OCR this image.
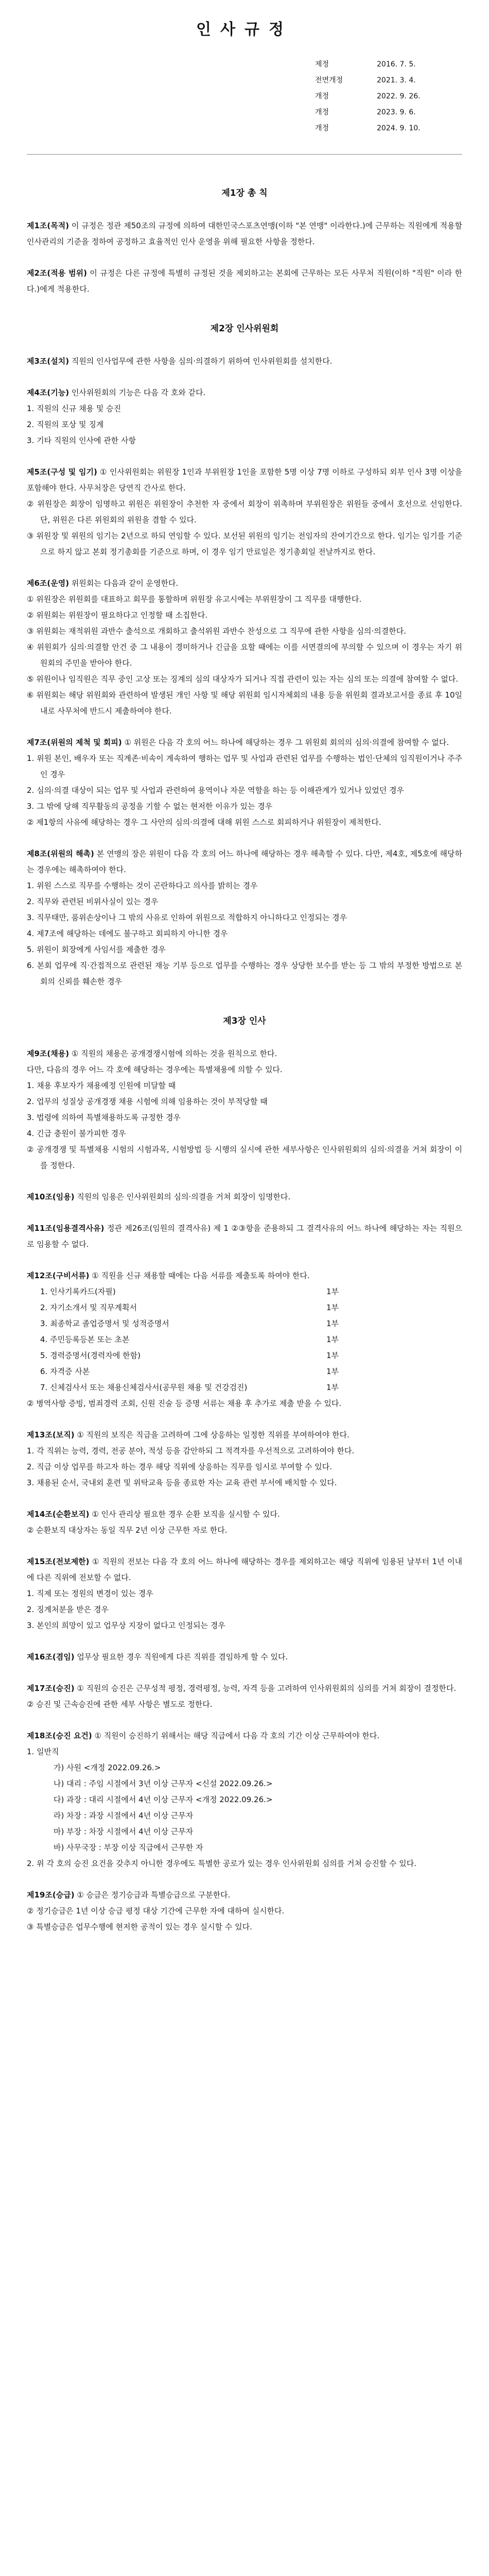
인사규정
제정	2016. 7. 5.
전면개정	2021. 3. 4.
개정	2022. 9. 26.
개정	2023. 9. 6.
개정	2024. 9. 10.
제1장 총 칙
제1조(목적) 이 규정은 정관 제50조의 규정에 의하여 대한민국스포츠연맹(이하 "본 연맹" 이라한다.)에 근무하는 직원에게 적용할 인사관리의 기준을 정하여 공정하고 효율적인 인사 운영을 위해 필요한 사항을 정한다.
제2조(적용 범위) 이 규정은 다른 규정에 특별히 규정된 것을 제외하고는 본회에 근무하는 모든 사무처 직원(이하 "직원" 이라 한다.)에게 적용한다.
제2장 인사위원회
제3조(설치) 직원의 인사업무에 관한 사항을 심의·의결하기 위하여 인사위원회를 설치한다.
제4조(기능) 인사위원회의 기능은 다음 각 호와 같다.
1. 직원의 신규 채용 및 승진
2. 직원의 포상 및 징계
3. 기타 직원의 인사에 관한 사항
제5조(구성 및 임기) ① 인사위원회는 위원장 1인과 부위원장 1인을 포함한 5명 이상 7명 이하로 구성하되 외부 인사 3명 이상을 포함해야 한다. 사무처장은 당연직 간사로 한다.
② 위원장은 회장이 임명하고 위원은 위원장이 추천한 자 중에서 회장이 위촉하며 부위원장은 위원들 중에서 호선으로 선임한다. 단, 위원은 다른 위원회의 위원을 겸할 수 있다.
③ 위원장 및 위원의 임기는 2년으로 하되 연임할 수 있다. 보선된 위원의 임기는 전임자의 잔여기간으로 한다. 임기는 임기를 기준으로 하지 않고 본회 정기총회를 기준으로 하며, 이 경우 임기 만료일은 정기총회일 전날까지로 한다.
제6조(운영) 위원회는 다음과 같이 운영한다.
① 위원장은 위원회를 대표하고 회무를 통할하며 위원장 유고시에는 부위원장이 그 직무를 대행한다.
② 위원회는 위원장이 필요하다고 인정할 때 소집한다.
③ 위원회는 재적위원 과반수 출석으로 개회하고 출석위원 과반수 찬성으로 그 직무에 관한 사항을 심의·의결한다.
④ 위원회가 심의·의결할 안건 중 그 내용이 경미하거나 긴급을 요할 때에는 이를 서면결의에 부의할 수 있으며 이 경우는 자기 위원회의 주민을 받아야 한다.
⑤ 위원이나 임직원은 직무 중인 고상 또는 징계의 심의 대상자가 되거나 직접 관련이 있는 자는 심의 또는 의결에 참여할 수 없다.
⑥ 위원회는 해당 위원회와 관련하여 발생된 개인 사항 및 해당 위원회 임시자체회의 내용 등을 위원회 결과보고서를 종료 후 10일 내로 사무처에 반드시 제출하여야 한다.
제7조(위원의 제척 및 회피) ① 위원은 다음 각 호의 어느 하나에 해당하는 경우 그 위원회 회의의 심의·의결에 참여할 수 없다.
1. 위원 본인, 배우자 또는 직계존·비속이 계속하여 행하는 업무 및 사업과 관련된 업무를 수행하는 법인·단체의 임직원이거나 주주인 경우
2. 심의·의결 대상이 되는 업무 및 사업과 관련하여 용역이나 자문 역할을 하는 등 이해관계가 있거나 있었던 경우
3. 그 밖에 당해 직무활동의 공정을 기할 수 없는 현저한 이유가 있는 경우
② 제1항의 사유에 해당하는 경우 그 사안의 심의·의결에 대해 위원 스스로 회피하거나 위원장이 제척한다.
제8조(위원의 해촉) 본 연맹의 장은 위원이 다음 각 호의 어느 하나에 해당하는 경우 해촉할 수 있다. 다만, 제4호, 제5호에 해당하는 경우에는 해촉하여야 한다.
1. 위원 스스로 직무를 수행하는 것이 곤란하다고 의사를 밝히는 경우
2. 직무와 관련된 비위사실이 있는 경우
3. 직무태만, 품위손상이나 그 밖의 사유로 인하여 위원으로 적합하지 아니하다고 인정되는 경우
4. 제7조에 해당하는 데에도 불구하고 회피하지 아니한 경우
5. 위원이 회장에게 사임서를 제출한 경우
6. 본회 업무에 직·간접적으로 관련된 재능 기부 등으로 업무를 수행하는 경우 상당한 보수를 받는 등 그 밖의 부정한 방법으로 본회의 신뢰를 훼손한 경우
제3장 인사
제9조(채용) ① 직원의 채용은 공개경쟁시험에 의하는 것을 원칙으로 한다.
다만, 다음의 경우 어느 각 호에 해당하는 경우에는 특별채용에 의할 수 있다.
1. 채용 후보자가 채용예정 인원에 미달할 때
2. 업무의 성질상 공개경쟁 채용 시험에 의해 임용하는 것이 부적당할 때
3. 법령에 의하여 특별채용하도록 규정한 경우
4. 긴급 충원이 불가피한 경우
② 공개경쟁 및 특별채용 시험의 시험과목, 시험방법 등 시행의 실시에 관한 세부사항은 인사위원회의 심의·의결을 거쳐 회장이 이를 정한다.
제10조(임용) 직원의 임용은 인사위원회의 심의·의결을 거쳐 회장이 임명한다.
제11조(임용결격사유) 정관 제26조(임원의 결격사유) 제 1 ②③항을 준용하되 그 결격사유의 어느 하나에 해당하는 자는 직원으로 임용할 수 없다.
제12조(구비서류) ① 직원을 신규 채용할 때에는 다음 서류를 제출토록 하여야 한다.
1. 인사기록카드(자필)	1부
2. 자기소개서 및 직무계획서	1부
3. 최종학교 졸업증명서 및 성적증명서	1부
4. 주민등록등본 또는 초본	1부
5. 경력증명서(경력자에 한함)	1부
6. 자격증 사본	1부
7. 신체검사서 또는 채용신체검사서(공무원 채용 및 건강검진)	1부
② 병역사항 증빙, 범죄경력 조회, 신원 진술 등 증명 서류는 채용 후 추가로 제출 받을 수 있다.
제13조(보직) ① 직원의 보직은 직급을 고려하여 그에 상응하는 일정한 직위를 부여하여야 한다.
1. 각 직위는 능력, 경력, 전공 분야, 적성 등을 감안하되 그 적격자를 우선적으로 고려하여야 한다.
2. 직급 이상 업무를 하고자 하는 경우 해당 직위에 상응하는 직무를 임시로 부여할 수 있다.
3. 채용된 순서, 국내외 훈련 및 위탁교육 등을 종료한 자는 교육 관련 부서에 배치할 수 있다.
제14조(순환보직) ① 인사 관리상 필요한 경우 순환 보직을 실시할 수 있다.
② 순환보직 대상자는 동일 직무 2년 이상 근무한 자로 한다.
제15조(전보제한) ① 직원의 전보는 다음 각 호의 어느 하나에 해당하는 경우를 제외하고는 해당 직위에 임용된 날부터 1년 이내에 다른 직위에 전보할 수 없다.
1. 직제 또는 정원의 변경이 있는 경우
2. 징계처분을 받은 경우
3. 본인의 희망이 있고 업무상 지장이 없다고 인정되는 경우
제16조(겸임) 업무상 필요한 경우 직원에게 다른 직위를 겸임하게 할 수 있다.
제17조(승진) ① 직원의 승진은 근무성적 평정, 경력평정, 능력, 자격 등을 고려하여 인사위원회의 심의를 거쳐 회장이 결정한다.
② 승진 및 근속승진에 관한 세부 사항은 별도로 정한다.
제18조(승진 요건) ① 직원이 승진하기 위해서는 해당 직급에서 다음 각 호의 기간 이상 근무하여야 한다.
1. 일반직
가) 사원 <개정 2022.09.26.>
나) 대리 : 주임 시절에서 3년 이상 근무자 <신설 2022.09.26.>
다) 과장 : 대리 시절에서 4년 이상 근무자 <개정 2022.09.26.>
라) 차장 : 과장 시절에서 4년 이상 근무자
마) 부장 : 차장 시절에서 4년 이상 근무자
바) 사무국장 : 부장 이상 직급에서 근무한 자
2. 위 각 호의 승진 요건을 갖추지 아니한 경우에도 특별한 공로가 있는 경우 인사위원회 심의를 거쳐 승진할 수 있다.
제19조(승급) ① 승급은 정기승급과 특별승급으로 구분한다.
② 정기승급은 1년 이상 승급 평정 대상 기간에 근무한 자에 대하여 실시한다.
③ 특별승급은 업무수행에 현저한 공적이 있는 경우 실시할 수 있다.
